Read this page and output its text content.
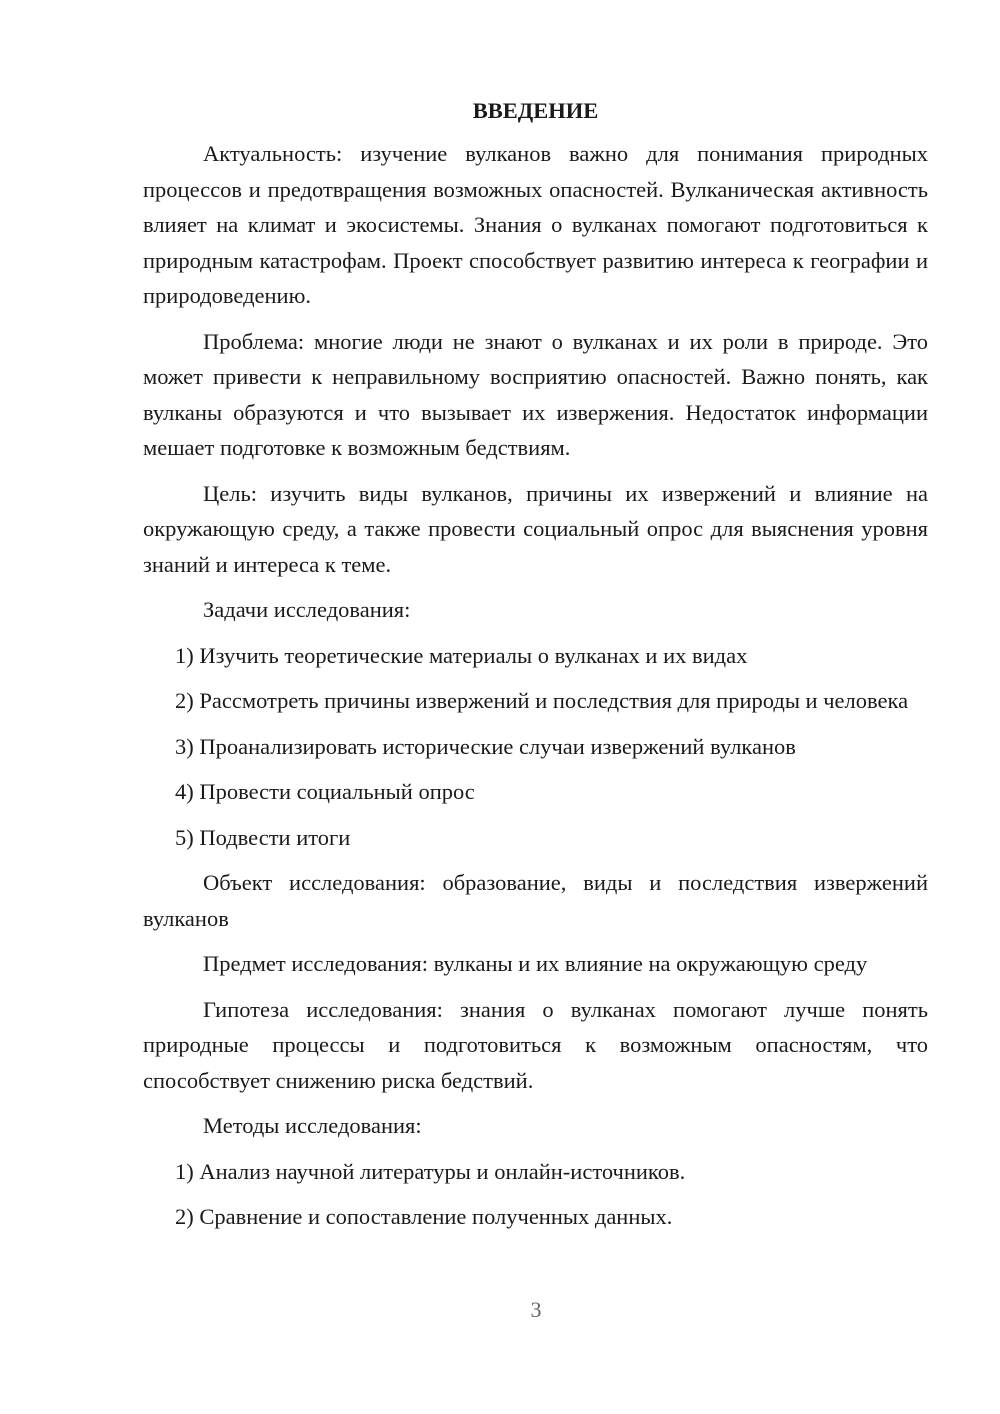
ВВЕДЕНИЕ

Актуальность: изучение вулканов важно для понимания природных процессов и предотвращения возможных опасностей. Вулканическая активность влияет на климат и экосистемы. Знания о вулканах помогают подготовиться к природным катастрофам. Проект способствует развитию интереса к географии и природоведению.

Проблема: многие люди не знают о вулканах и их роли в природе. Это может привести к неправильному восприятию опасностей. Важно понять, как вулканы образуются и что вызывает их извержения. Недостаток информации мешает подготовке к возможным бедствиям.

Цель: изучить виды вулканов, причины их извержений и влияние на окружающую среду, а также провести социальный опрос для выяснения уровня знаний и интереса к теме.

Задачи исследования:

1) Изучить теоретические материалы о вулканах и их видах

2) Рассмотреть причины извержений и последствия для природы и человека

3) Проанализировать исторические случаи извержений вулканов

4) Провести социальный опрос

5) Подвести итоги

Объект исследования: образование, виды и последствия извержений вулканов

Предмет исследования: вулканы и их влияние на окружающую среду

Гипотеза исследования: знания о вулканах помогают лучше понять природные процессы и подготовиться к возможным опасностям, что способствует снижению риска бедствий.

Методы исследования:

1) Анализ научной литературы и онлайн-источников.

2) Сравнение и сопоставление полученных данных.

3
